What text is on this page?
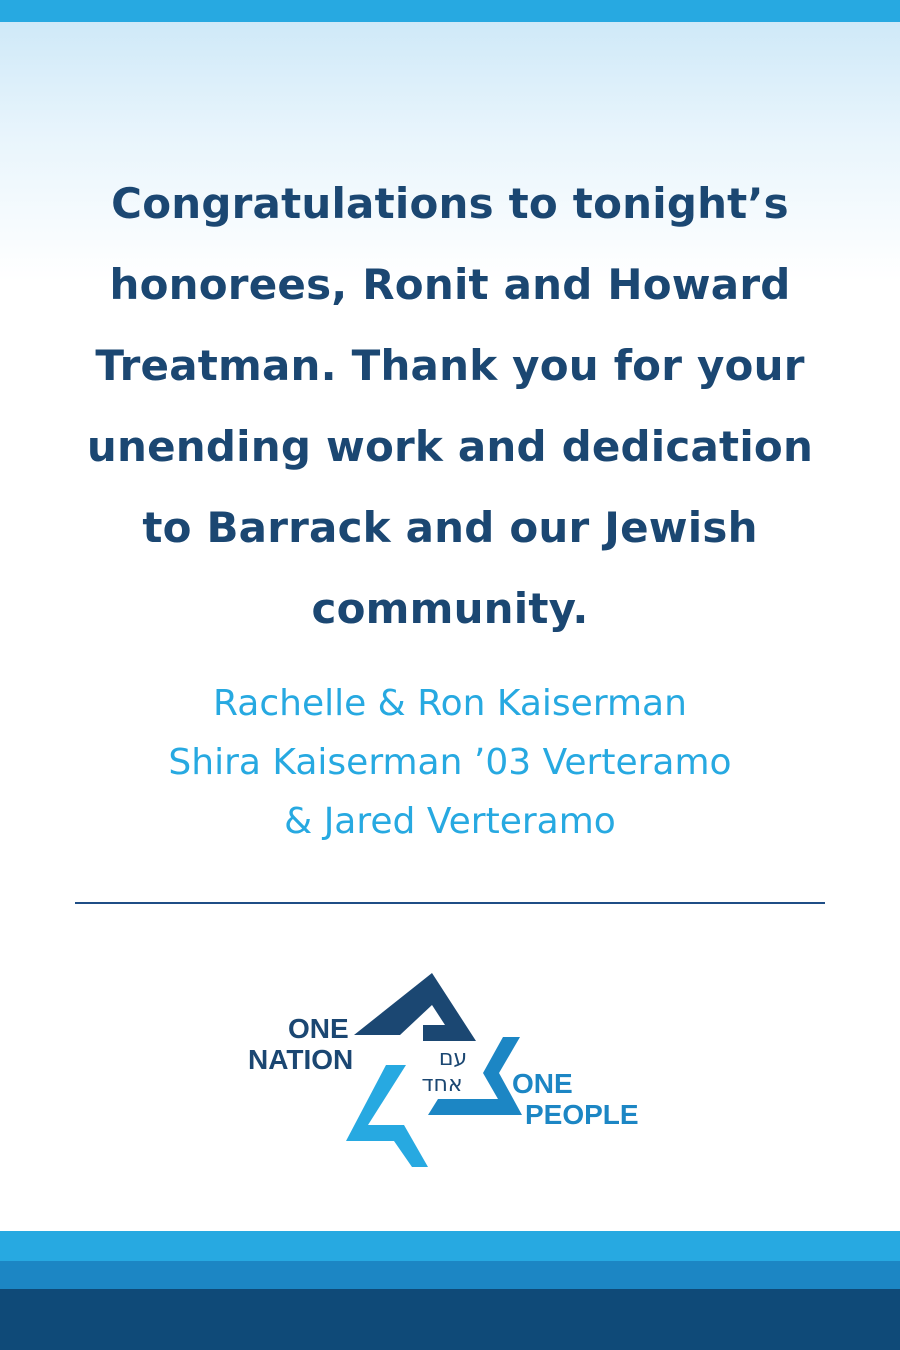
Congratulations to tonight’s
honorees, Ronit and Howard
Treatman. Thank you for your
unending work and dedication
to Barrack and our Jewish
community.
Rachelle & Ron Kaiserman
Shira Kaiserman ’03 Verteramo
& Jared Verteramo
ONE
NATION
ONE
PEOPLE
עם
אחד
